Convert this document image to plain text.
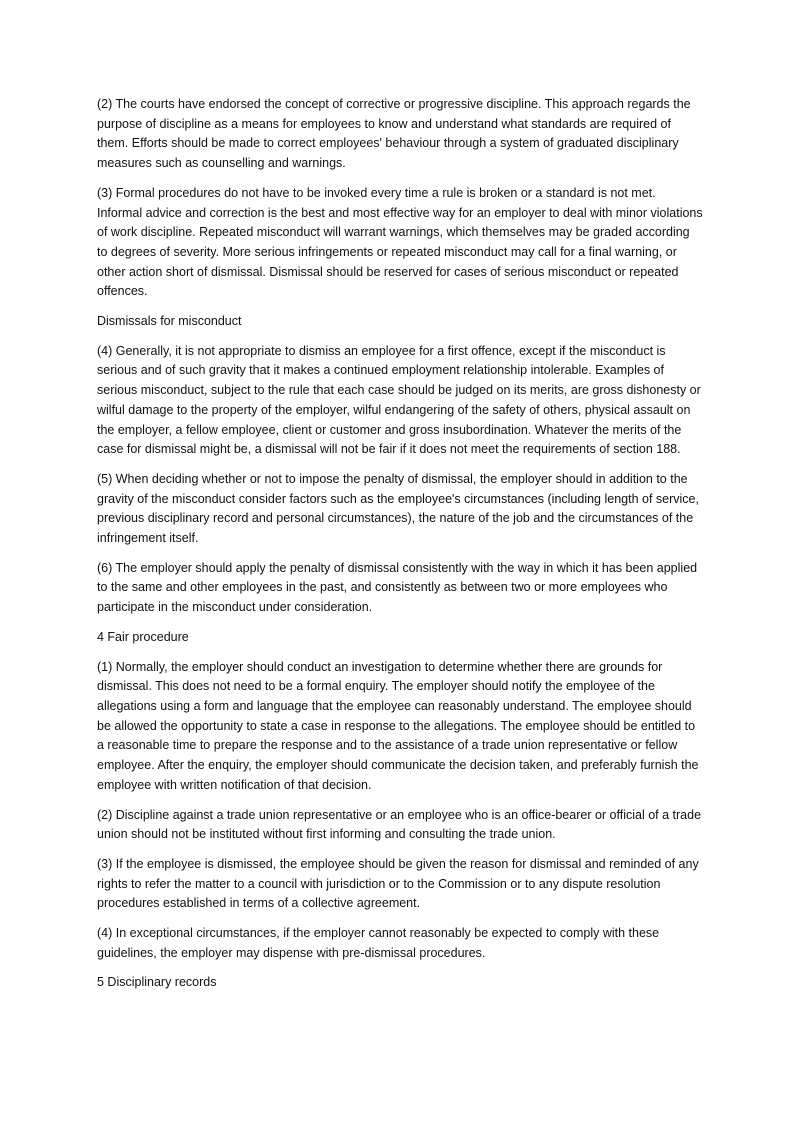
(2) The courts have endorsed the concept of corrective or progressive discipline. This approach regards the purpose of discipline as a means for employees to know and understand what standards are required of them. Efforts should be made to correct employees' behaviour through a system of graduated disciplinary measures such as counselling and warnings.

(3) Formal procedures do not have to be invoked every time a rule is broken or a standard is not met. Informal advice and correction is the best and most effective way for an employer to deal with minor violations of work discipline. Repeated misconduct will warrant warnings, which themselves may be graded according to degrees of severity. More serious infringements or repeated misconduct may call for a final warning, or other action short of dismissal. Dismissal should be reserved for cases of serious misconduct or repeated offences.

Dismissals for misconduct

(4) Generally, it is not appropriate to dismiss an employee for a first offence, except if the misconduct is serious and of such gravity that it makes a continued employment relationship intolerable. Examples of serious misconduct, subject to the rule that each case should be judged on its merits, are gross dishonesty or wilful damage to the property of the employer, wilful endangering of the safety of others, physical assault on the employer, a fellow employee, client or customer and gross insubordination. Whatever the merits of the case for dismissal might be, a dismissal will not be fair if it does not meet the requirements of section 188.

(5) When deciding whether or not to impose the penalty of dismissal, the employer should in addition to the gravity of the misconduct consider factors such as the employee's circumstances (including length of service, previous disciplinary record and personal circumstances), the nature of the job and the circumstances of the infringement itself.

(6) The employer should apply the penalty of dismissal consistently with the way in which it has been applied to the same and other employees in the past, and consistently as between two or more employees who participate in the misconduct under consideration.

4 Fair procedure

(1) Normally, the employer should conduct an investigation to determine whether there are grounds for dismissal. This does not need to be a formal enquiry. The employer should notify the employee of the allegations using a form and language that the employee can reasonably understand. The employee should be allowed the opportunity to state a case in response to the allegations. The employee should be entitled to a reasonable time to prepare the response and to the assistance of a trade union representative or fellow employee. After the enquiry, the employer should communicate the decision taken, and preferably furnish the employee with written notification of that decision.

(2) Discipline against a trade union representative or an employee who is an office-bearer or official of a trade union should not be instituted without first informing and consulting the trade union.

(3) If the employee is dismissed, the employee should be given the reason for dismissal and reminded of any rights to refer the matter to a council with jurisdiction or to the Commission or to any dispute resolution procedures established in terms of a collective agreement.

(4) In exceptional circumstances, if the employer cannot reasonably be expected to comply with these guidelines, the employer may dispense with pre-dismissal procedures.

5 Disciplinary records
